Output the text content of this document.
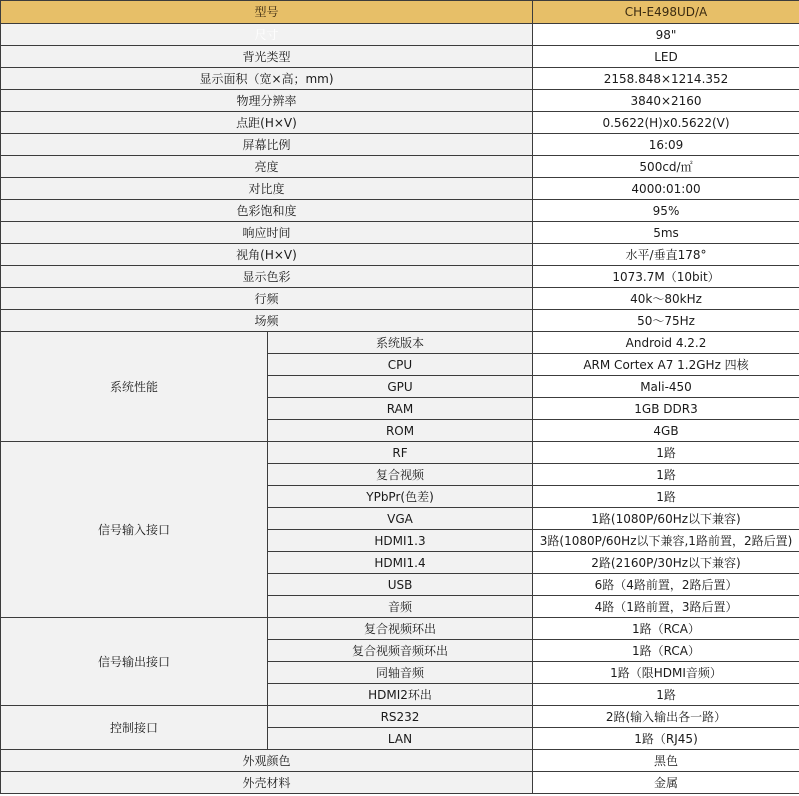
型号		CH-E498UD/A
尺寸		98"
背光类型		LED
显示面积（宽×高；mm)		2158.848×1214.352
物理分辨率		3840×2160
点距(H×V)		0.5622(H)x0.5622(V)
屏幕比例		16:09
亮度		500cd/㎡
对比度		4000:01:00
色彩饱和度		95%
响应时间		5ms
视角(H×V)		水平/垂直178°
显示色彩		1073.7M（10bit）
行频		40k～80kHz
场频		50～75Hz
系统性能	系统版本	Android 4.2.2
	CPU	ARM Cortex A7 1.2GHz 四核
	GPU	Mali-450
	RAM	1GB DDR3
	ROM	4GB
信号输入接口	RF	1路
	复合视频	1路
	YPbPr(色差)	1路
	VGA	1路(1080P/60Hz以下兼容)
	HDMI1.3	3路(1080P/60Hz以下兼容,1路前置，2路后置)
	HDMI1.4	2路(2160P/30Hz以下兼容)
	USB	6路（4路前置，2路后置）
	音频	4路（1路前置，3路后置）
信号输出接口	复合视频环出	1路（RCA）
	复合视频音频环出	1路（RCA）
	同轴音频	1路（限HDMI音频）
	HDMI2环出	1路
控制接口	RS232	2路(输入输出各一路）
	LAN	1路（RJ45)
外观颜色		黑色
外壳材料		金属
